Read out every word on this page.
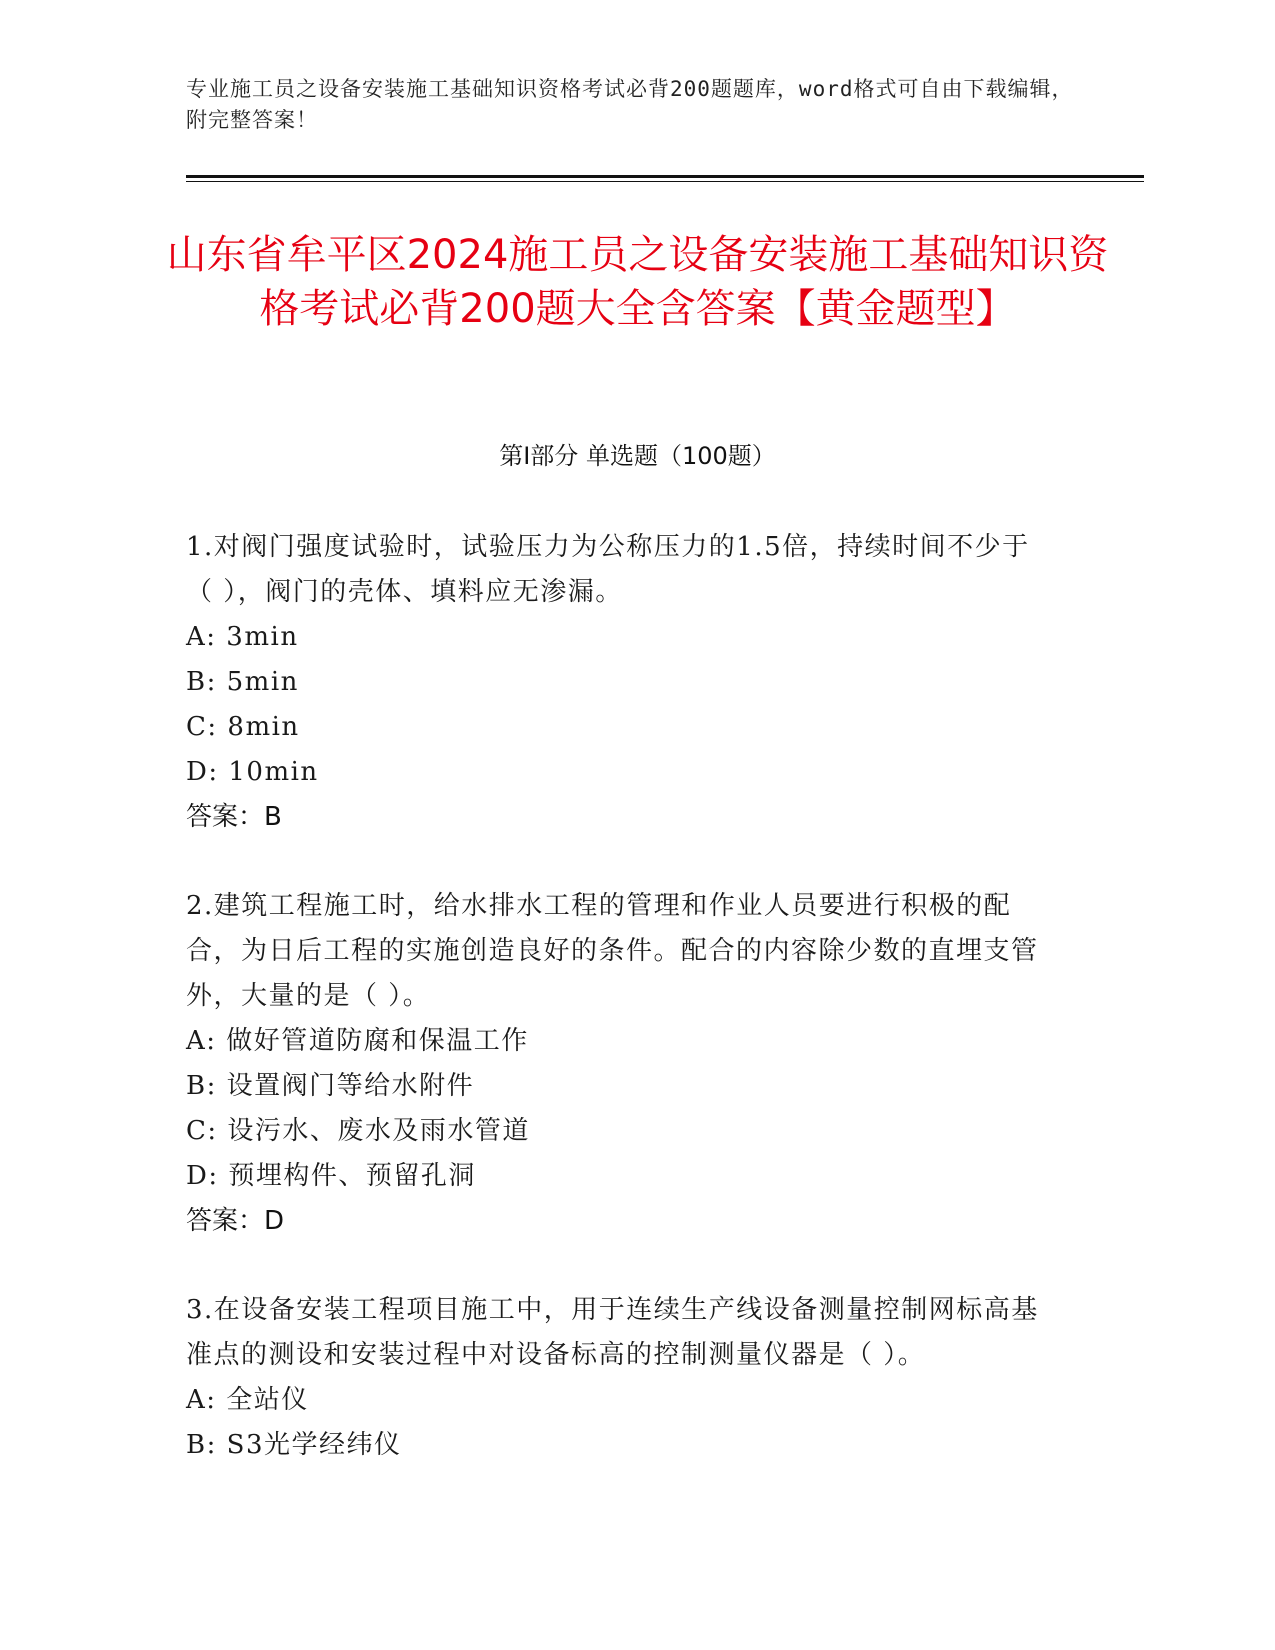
专业施工员之设备安装施工基础知识资格考试必背200题题库，word格式可自由下载编辑，附完整答案！
山东省牟平区2024施工员之设备安装施工基础知识资格考试必背200题大全含答案【黄金题型】
第Ⅰ部分 单选题（100题）

1.对阀门强度试验时，试验压力为公称压力的1.5倍，持续时间不少于（ ），阀门的壳体、填料应无渗漏。

A: 3min

B: 5min

C: 8min

D: 10min

答案：B

2.建筑工程施工时，给水排水工程的管理和作业人员要进行积极的配合，为日后工程的实施创造良好的条件。配合的内容除少数的直埋支管外，大量的是（ ）。

A: 做好管道防腐和保温工作

B: 设置阀门等给水附件

C: 设污水、废水及雨水管道

D: 预埋构件、预留孔洞

答案：D

3.在设备安装工程项目施工中，用于连续生产线设备测量控制网标高基准点的测设和安装过程中对设备标高的控制测量仪器是（ ）。

A: 全站仪

B: S3光学经纬仪
